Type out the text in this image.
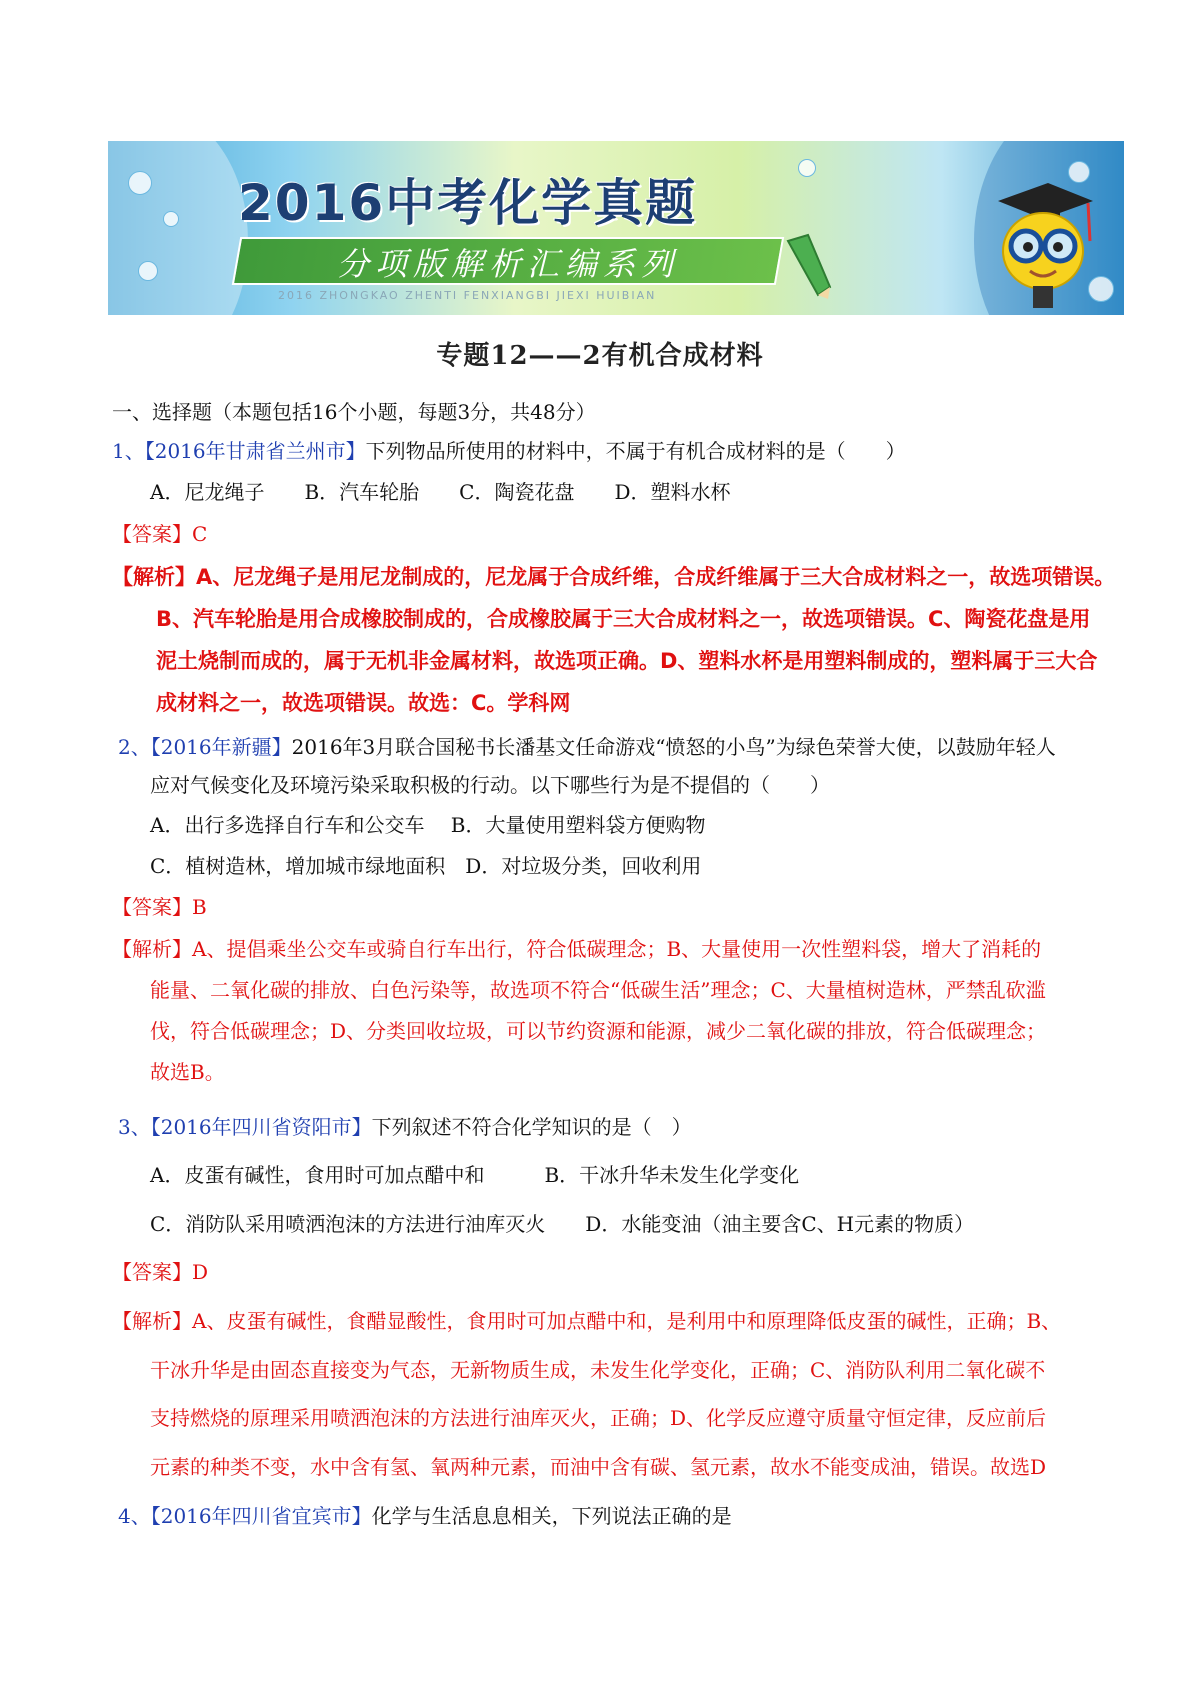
2016中考化学真题
分项版解析汇编系列
2016 ZHONGKAO ZHENTI FENXIANGBI JIEXI HUIBIAN
专题12——2有机合成材料
一、选择题（本题包括16个小题，每题3分，共48分）
1、【2016年甘肃省兰州市】下列物品所使用的材料中，不属于有机合成材料的是（　　）
A．尼龙绳子　　B．汽车轮胎　　C．陶瓷花盘　　D．塑料水杯
【答案】C
【解析】A、尼龙绳子是用尼龙制成的，尼龙属于合成纤维，合成纤维属于三大合成材料之一，故选项错误。
B、汽车轮胎是用合成橡胶制成的，合成橡胶属于三大合成材料之一，故选项错误。C、陶瓷花盘是用
泥土烧制而成的，属于无机非金属材料，故选项正确。D、塑料水杯是用塑料制成的，塑料属于三大合
成材料之一，故选项错误。故选：C。学科网
2、【2016年新疆】2016年3月联合国秘书长潘基文任命游戏“愤怒的小鸟”为绿色荣誉大使，以鼓励年轻人
应对气候变化及环境污染采取积极的行动。以下哪些行为是不提倡的（　　）
A．出行多选择自行车和公交车　 B．大量使用塑料袋方便购物
C．植树造林，增加城市绿地面积　D．对垃圾分类，回收利用
【答案】B
【解析】A、提倡乘坐公交车或骑自行车出行，符合低碳理念；B、大量使用一次性塑料袋，增大了消耗的
能量、二氧化碳的排放、白色污染等，故选项不符合“低碳生活”理念；C、大量植树造林，严禁乱砍滥
伐，符合低碳理念；D、分类回收垃圾，可以节约资源和能源，减少二氧化碳的排放，符合低碳理念；
故选B。
3、【2016年四川省资阳市】下列叙述不符合化学知识的是（　）
A．皮蛋有碱性，食用时可加点醋中和　　　B．干冰升华未发生化学变化
C．消防队采用喷洒泡沫的方法进行油库灭火　　D．水能变油（油主要含C、H元素的物质）
【答案】D
【解析】A、皮蛋有碱性，食醋显酸性，食用时可加点醋中和，是利用中和原理降低皮蛋的碱性，正确；B、
干冰升华是由固态直接变为气态，无新物质生成，未发生化学变化，正确；C、消防队利用二氧化碳不
支持燃烧的原理采用喷洒泡沫的方法进行油库灭火，正确；D、化学反应遵守质量守恒定律，反应前后
元素的种类不变，水中含有氢、氧两种元素，而油中含有碳、氢元素，故水不能变成油，错误。故选D
4、【2016年四川省宜宾市】化学与生活息息相关，下列说法正确的是
